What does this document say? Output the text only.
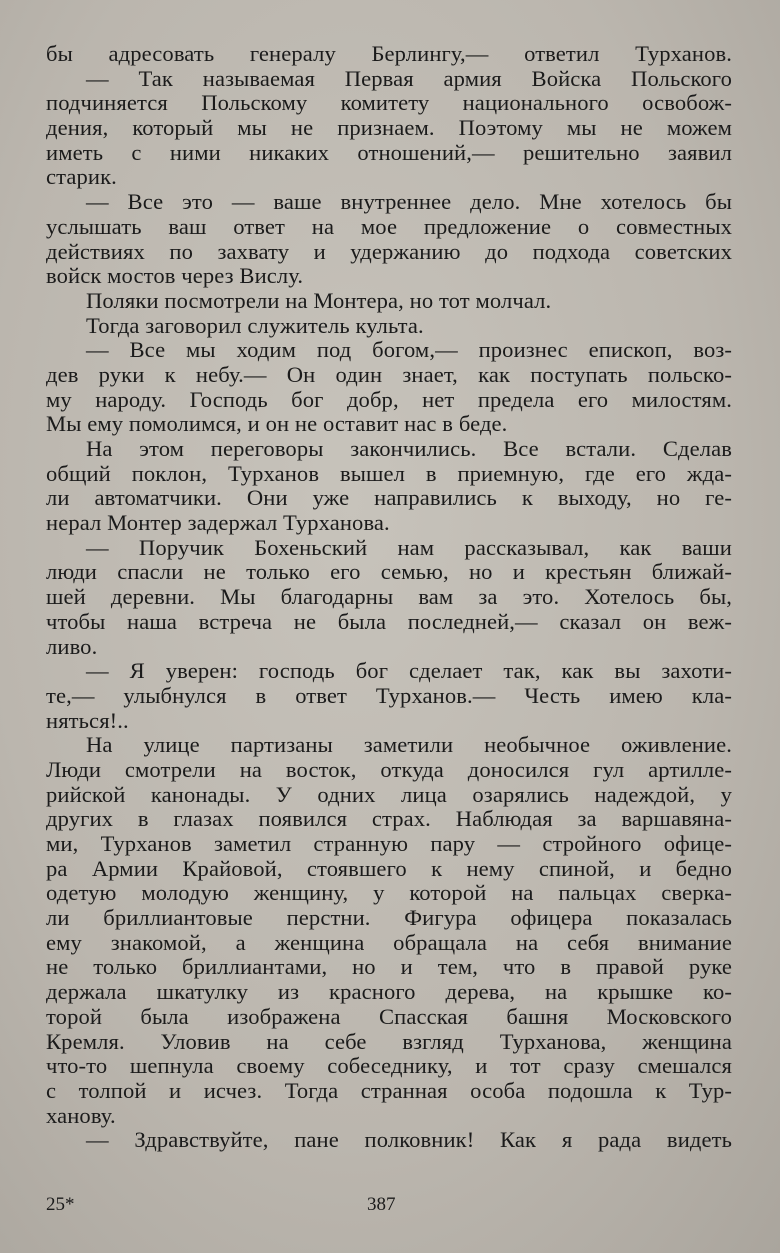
бы адресовать генералу Берлингу,— ответил Турханов.
— Так называемая Первая армия Войска Польского
подчиняется Польскому комитету национального освобож-
дения, который мы не признаем. Поэтому мы не можем
иметь с ними никаких отношений,— решительно заявил
старик.
— Все это — ваше внутреннее дело. Мне хотелось бы
услышать ваш ответ на мое предложение о совместных
действиях по захвату и удержанию до подхода советских
войск мостов через Вислу.
Поляки посмотрели на Монтера, но тот молчал.
Тогда заговорил служитель культа.
— Все мы ходим под богом,— произнес епископ, воз-
дев руки к небу.— Он один знает, как поступать польско-
му народу. Господь бог добр, нет предела его милостям.
Мы ему помолимся, и он не оставит нас в беде.
На этом переговоры закончились. Все встали. Сделав
общий поклон, Турханов вышел в приемную, где его жда-
ли автоматчики. Они уже направились к выходу, но ге-
нерал Монтер задержал Турханова.
— Поручик Бохеньский нам рассказывал, как ваши
люди спасли не только его семью, но и крестьян ближай-
шей деревни. Мы благодарны вам за это. Хотелось бы,
чтобы наша встреча не была последней,— сказал он веж-
ливо.
— Я уверен: господь бог сделает так, как вы захоти-
те,— улыбнулся в ответ Турханов.— Честь имею кла-
няться!..
На улице партизаны заметили необычное оживление.
Люди смотрели на восток, откуда доносился гул артилле-
рийской канонады. У одних лица озарялись надеждой, у
других в глазах появился страх. Наблюдая за варшавяна-
ми, Турханов заметил странную пару — стройного офице-
ра Армии Крайовой, стоявшего к нему спиной, и бедно
одетую молодую женщину, у которой на пальцах сверка-
ли бриллиантовые перстни. Фигура офицера показалась
ему знакомой, а женщина обращала на себя внимание
не только бриллиантами, но и тем, что в правой руке
держала шкатулку из красного дерева, на крышке ко-
торой была изображена Спасская башня Московского
Кремля. Уловив на себе взгляд Турханова, женщина
что-то шепнула своему собеседнику, и тот сразу смешался
с толпой и исчез. Тогда странная особа подошла к Тур-
ханову.
— Здравствуйте, пане полковник! Как я рада видеть
25*	387
